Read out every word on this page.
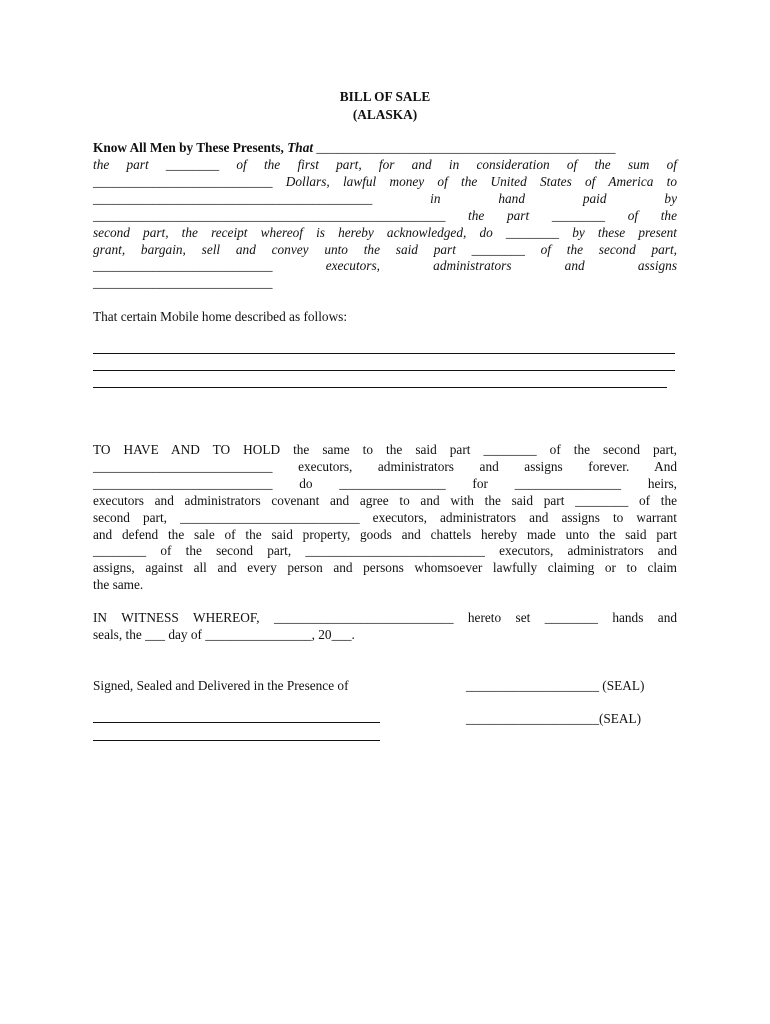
BILL OF SALE
(ALASKA)
Know All Men by These Presents, That _____________________________________________
the part ________ of the first part, for and in consideration of the sum of
___________________________ Dollars, lawful money of the United States of America to
__________________________________________ in hand paid by
_____________________________________________________ the part ________ of the
second part, the receipt whereof is hereby acknowledged, do ________ by these present
grant, bargain, sell and convey unto the said part ________ of the second part,
___________________________ executors, administrators and assigns
___________________________
That certain Mobile home described as follows:
TO HAVE AND TO HOLD the same to the said part ________ of the second part,
___________________________ executors, administrators and assigns forever. And
___________________________ do ________________ for ________________ heirs,
executors and administrators covenant and agree to and with the said part ________ of the
second part, ___________________________ executors, administrators and assigns to warrant
and defend the sale of the said property, goods and chattels hereby made unto the said part
________ of the second part, ___________________________ executors, administrators and
assigns, against all and every person and persons whomsoever lawfully claiming or to claim
the same.
IN WITNESS WHEREOF, ___________________________ hereto set ________ hands and
seals, the ___ day of ________________, 20___.
Signed, Sealed and Delivered in the Presence of	____________________ (SEAL)
____________________(SEAL)
